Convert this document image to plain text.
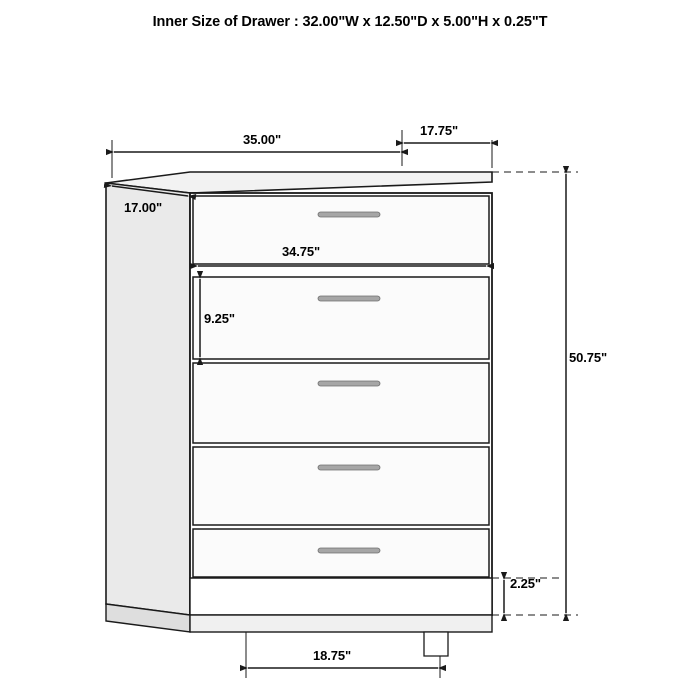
Inner Size of Drawer : 32.00"W x 12.50"D x 5.00"H x 0.25"T
35.00"
17.75"
17.00"
34.75"
9.25"
50.75"
2.25"
18.75"
